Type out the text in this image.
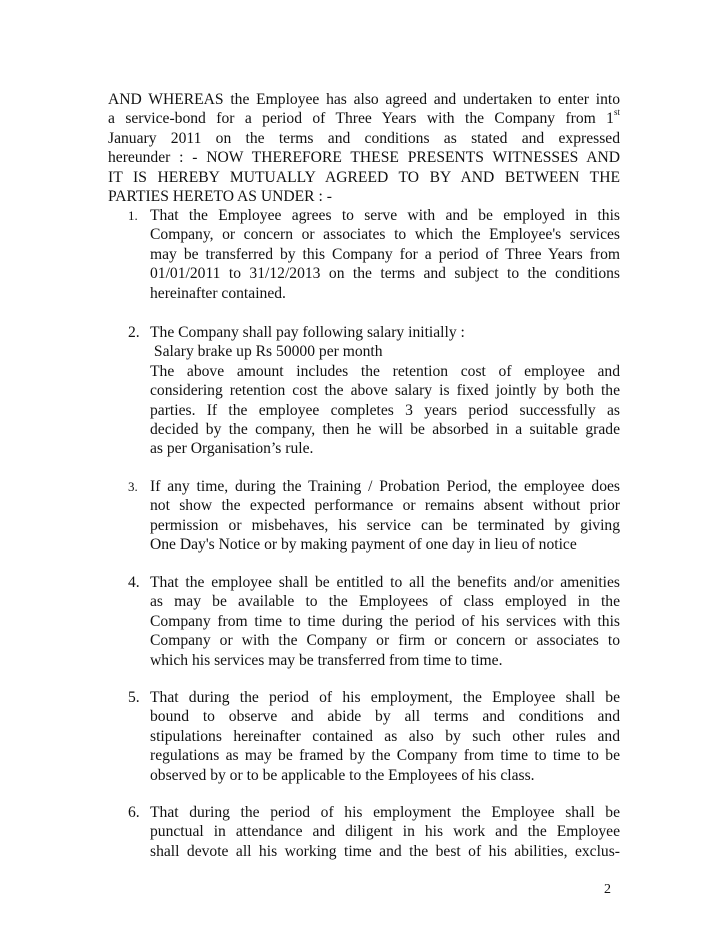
AND WHEREAS the Employee has also agreed and undertaken to enter into
a service-bond for a period of Three Years with the Company from 1st
January 2011 on the terms and conditions as stated and expressed
hereunder : - NOW THEREFORE THESE PRESENTS WITNESSES AND
IT IS HEREBY MUTUALLY AGREED TO BY AND BETWEEN THE
PARTIES HERETO AS UNDER : -
1. That the Employee agrees to serve with and be employed in this
Company, or concern or associates to which the Employee's services
may be transferred by this Company for a period of Three Years from
01/01/2011 to 31/12/2013 on the terms and subject to the conditions
hereinafter contained.
2. The Company shall pay following salary initially :
Salary brake up Rs 50000 per month
The above amount includes the retention cost of employee and
considering retention cost the above salary is fixed jointly by both the
parties. If the employee completes 3 years period successfully as
decided by the company, then he will be absorbed in a suitable grade
as per Organisation’s rule.
3. If any time, during the Training / Probation Period, the employee does
not show the expected performance or remains absent without prior
permission or misbehaves, his service can be terminated by giving
One Day's Notice or by making payment of one day in lieu of notice
4. That the employee shall be entitled to all the benefits and/or amenities
as may be available to the Employees of class employed in the
Company from time to time during the period of his services with this
Company or with the Company or firm or concern or associates to
which his services may be transferred from time to time.
5. That during the period of his employment, the Employee shall be
bound to observe and abide by all terms and conditions and
stipulations hereinafter contained as also by such other rules and
regulations as may be framed by the Company from time to time to be
observed by or to be applicable to the Employees of his class.
6. That during the period of his employment the Employee shall be
punctual in attendance and diligent in his work and the Employee
shall devote all his working time and the best of his abilities, exclus-
2
